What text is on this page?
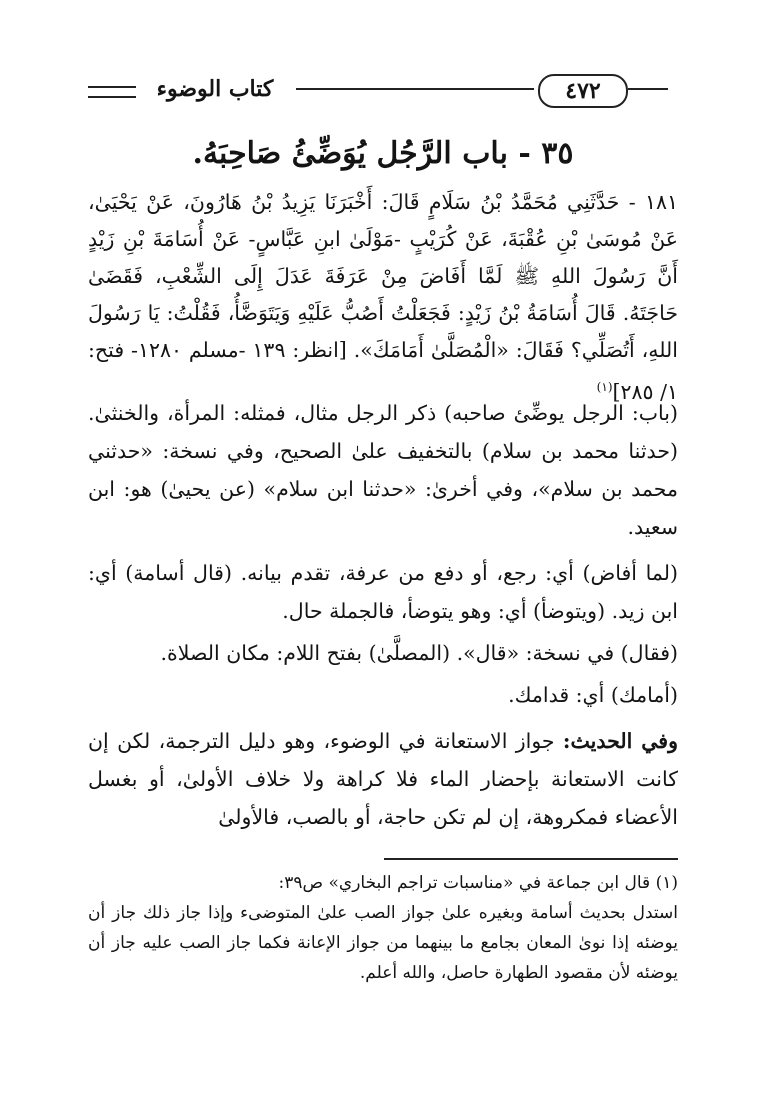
كتاب الوضوء	٤٧٢
٣٥ - باب الرَّجُل يُوَضِّئُ صَاحِبَهُ.
١٨١ - حَدَّثَنِي مُحَمَّدُ بْنُ سَلَامٍ قَالَ: أَخْبَرَنَا يَزِيدُ بْنُ هَارُونَ، عَنْ يَحْيَىٰ، عَنْ مُوسَىٰ بْنِ عُقْبَةَ، عَنْ كُرَيْبٍ -مَوْلَىٰ ابنِ عَبَّاسٍ- عَنْ أُسَامَةَ بْنِ زَيْدٍ أَنَّ رَسُولَ اللهِ ﷺ لَمَّا أَفَاضَ مِنْ عَرَفَةَ عَدَلَ إِلَى الشِّعْبِ، فَقَضَىٰ حَاجَتَهُ. قَالَ أُسَامَةُ بْنُ زَيْدٍ: فَجَعَلْتُ أَصُبُّ عَلَيْهِ وَيَتَوَضَّأُ، فَقُلْتُ: يَا رَسُولَ اللهِ، أَتُصَلِّي؟ فَقَالَ: «الْمُصَلَّىٰ أَمَامَكَ». [انظر: ١٣٩ -مسلم ١٢٨٠- فتح: ١/ ٢٨٥]$^{(١)}$

(باب: الرجل يوضِّئ صاحبه) ذكر الرجل مثال، فمثله: المرأة، والخنثىٰ. (حدثنا محمد بن سلام) بالتخفيف علىٰ الصحيح، وفي نسخة: «حدثني محمد بن سلام»، وفي أخرىٰ: «حدثنا ابن سلام» (عن يحيىٰ) هو: ابن سعيد.

(لما أفاض) أي: رجع، أو دفع من عرفة، تقدم بيانه. (قال أسامة) أي: ابن زيد. (ويتوضأ) أي: وهو يتوضأ، فالجملة حال.

(فقال) في نسخة: «قال». (المصلَّىٰ) بفتح اللام: مكان الصلاة.

(أمامك) أي: قدامك.

وفي الحديث: جواز الاستعانة في الوضوء، وهو دليل الترجمة، لكن إن كانت الاستعانة بإحضار الماء فلا كراهة ولا خلاف الأولىٰ، أو بغسل الأعضاء فمكروهة، إن لم تكن حاجة، أو بالصب، فالأولىٰ

(١) قال ابن جماعة في «مناسبات تراجم البخاري» ص٣٩:

استدل بحديث أسامة وبغيره علىٰ جواز الصب علىٰ المتوضىء وإذا جاز ذلك جاز أن يوضئه إذا نوىٰ المعان بجامع ما بينهما من جواز الإعانة فكما جاز الصب عليه جاز أن يوضئه لأن مقصود الطهارة حاصل، والله أعلم.
